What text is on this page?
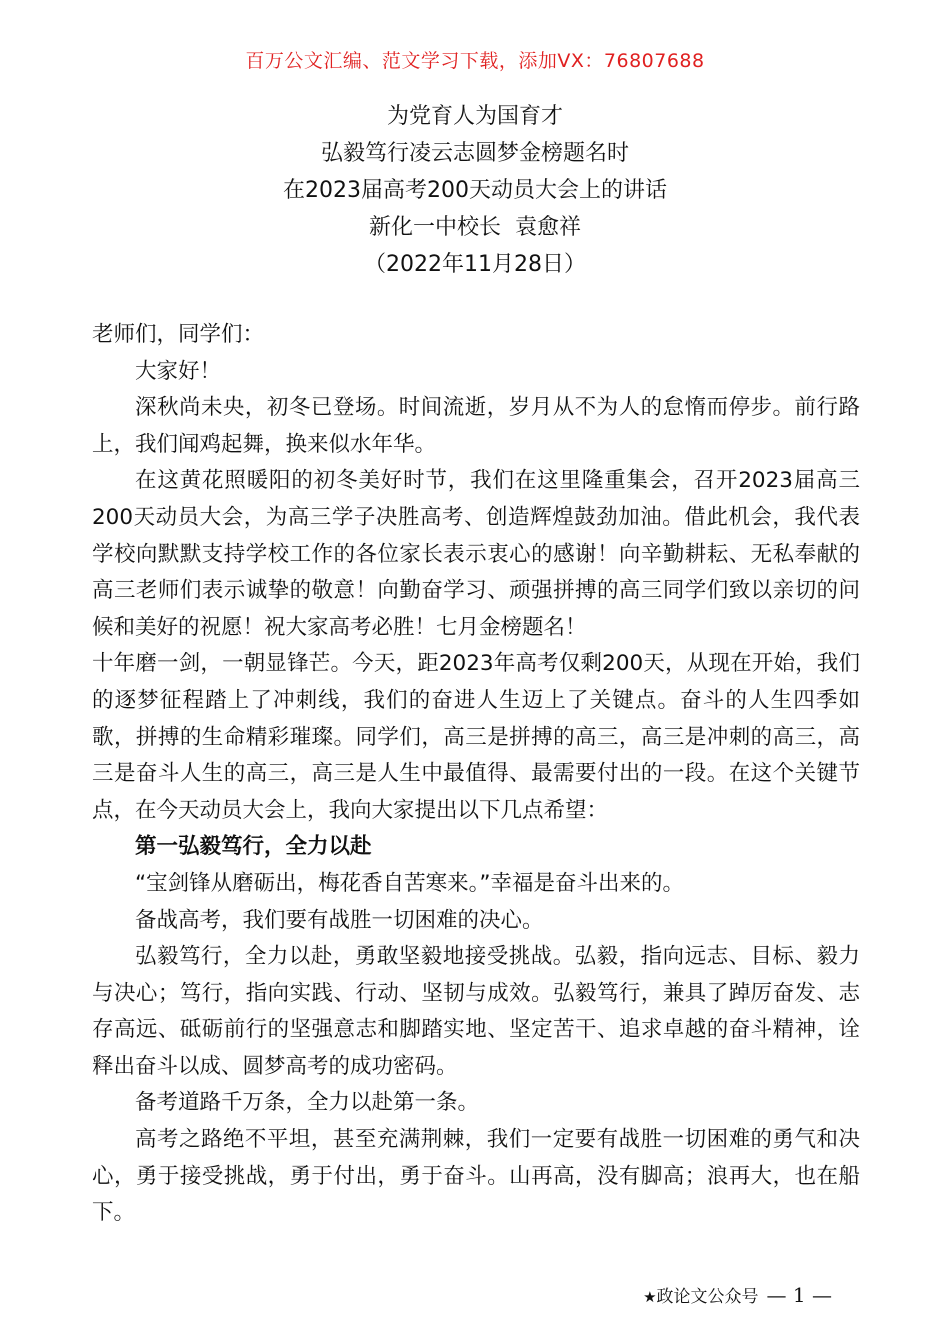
百万公文汇编、范文学习下载，添加VX：76807688
为党育人为国育才
弘毅笃行凌云志圆梦金榜题名时
在2023届高考200天动员大会上的讲话
新化一中校长  袁愈祥
（2022年11月28日）

老师们，同学们：

大家好！

深秋尚未央，初冬已登场。时间流逝，岁月从不为人的怠惰而停步。前行路上，我们闻鸡起舞，换来似水年华。

在这黄花照暖阳的初冬美好时节，我们在这里隆重集会，召开2023届高三200天动员大会，为高三学子决胜高考、创造辉煌鼓劲加油。借此机会，我代表学校向默默支持学校工作的各位家长表示衷心的感谢！向辛勤耕耘、无私奉献的高三老师们表示诚挚的敬意！向勤奋学习、顽强拼搏的高三同学们致以亲切的问候和美好的祝愿！祝大家高考必胜！七月金榜题名！

十年磨一剑，一朝显锋芒。今天，距2023年高考仅剩200天，从现在开始，我们的逐梦征程踏上了冲刺线，我们的奋进人生迈上了关键点。奋斗的人生四季如歌，拼搏的生命精彩璀璨。同学们，高三是拼搏的高三，高三是冲刺的高三，高三是奋斗人生的高三，高三是人生中最值得、最需要付出的一段。在这个关键节点，在今天动员大会上，我向大家提出以下几点希望：

第一弘毅笃行，全力以赴

“宝剑锋从磨砺出，梅花香自苦寒来。”幸福是奋斗出来的。

备战高考，我们要有战胜一切困难的决心。

弘毅笃行，全力以赴，勇敢坚毅地接受挑战。弘毅，指向远志、目标、毅力与决心；笃行，指向实践、行动、坚韧与成效。弘毅笃行，兼具了踔厉奋发、志存高远、砥砺前行的坚强意志和脚踏实地、坚定苦干、追求卓越的奋斗精神，诠释出奋斗以成、圆梦高考的成功密码。

备考道路千万条，全力以赴第一条。

高考之路绝不平坦，甚至充满荆棘，我们一定要有战胜一切困难的勇气和决心，勇于接受挑战，勇于付出，勇于奋斗。山再高，没有脚高；浪再大，也在船下。

★政论文公众号 — 1 —
